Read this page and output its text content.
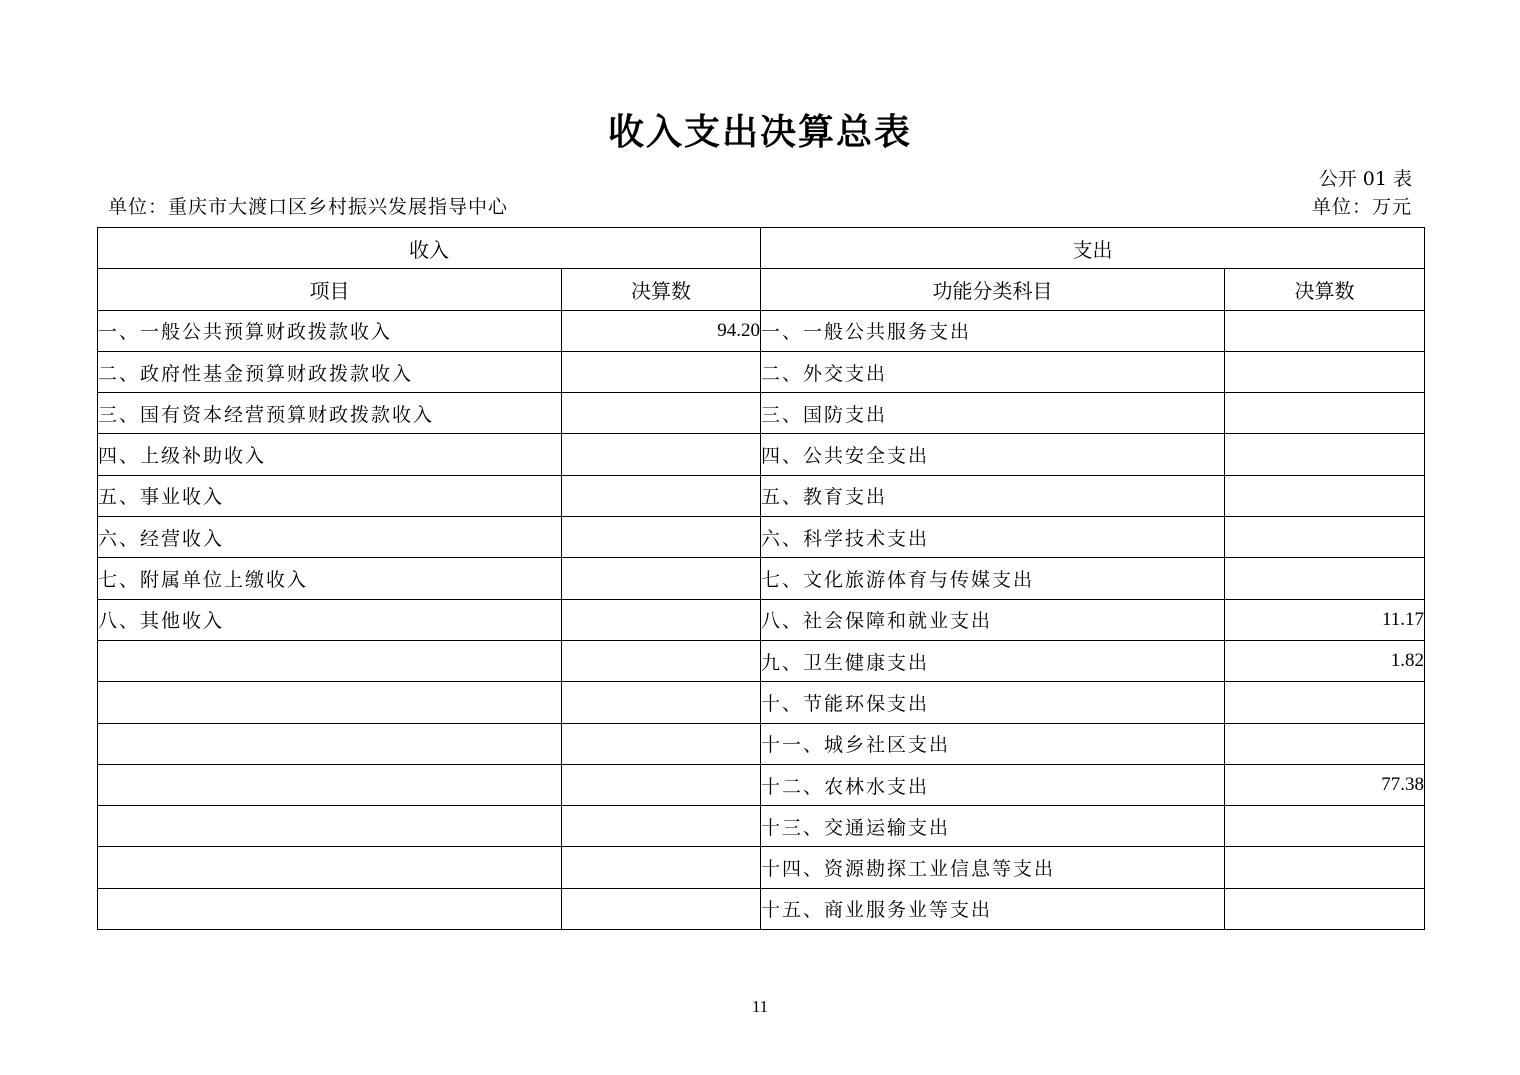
收入支出决算总表
公开 01 表
单位：重庆市大渡口区乡村振兴发展指导中心	单位：万元
收入		支出	
项目	决算数	功能分类科目	决算数
一、一般公共预算财政拨款收入	94.20	一、一般公共服务支出	
二、政府性基金预算财政拨款收入		二、外交支出	
三、国有资本经营预算财政拨款收入		三、国防支出	
四、上级补助收入		四、公共安全支出	
五、事业收入		五、教育支出	
六、经营收入		六、科学技术支出	
七、附属单位上缴收入		七、文化旅游体育与传媒支出	
八、其他收入		八、社会保障和就业支出	11.17
		九、卫生健康支出	1.82
		十、节能环保支出	
		十一、城乡社区支出	
		十二、农林水支出	77.38
		十三、交通运输支出	
		十四、资源勘探工业信息等支出	
		十五、商业服务业等支出	
11
